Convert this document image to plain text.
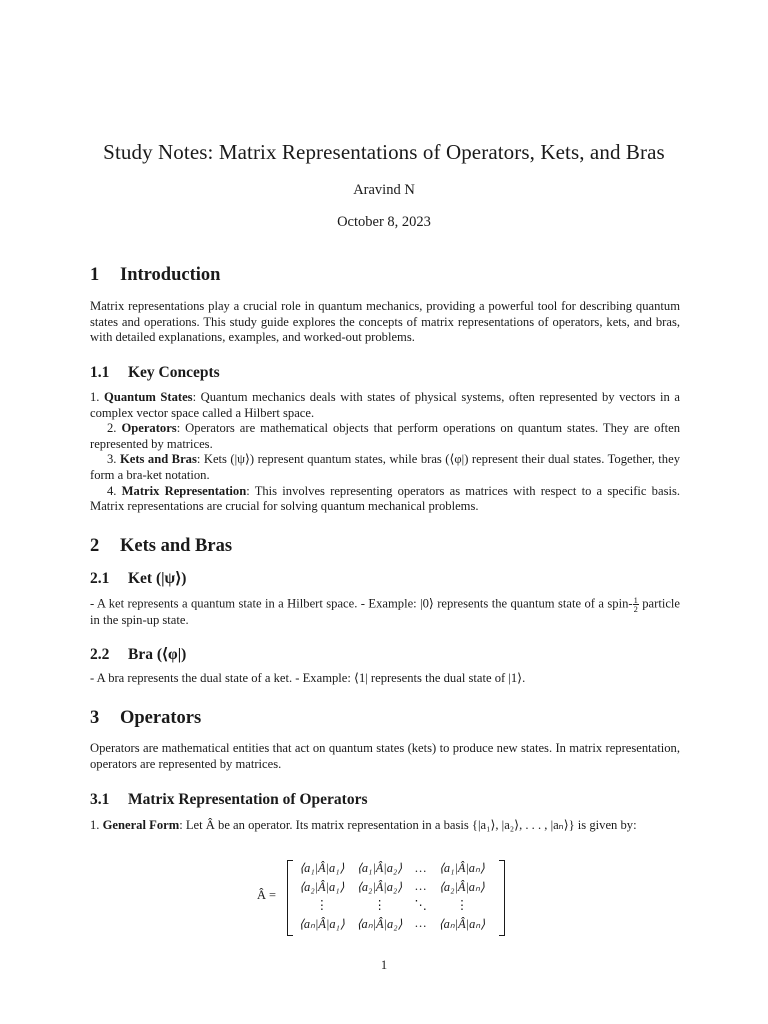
Study Notes: Matrix Representations of Operators, Kets, and Bras
Aravind N
October 8, 2023
1 Introduction
Matrix representations play a crucial role in quantum mechanics, providing a powerful tool for describing quantum states and operations. This study guide explores the concepts of matrix representations of operators, kets, and bras, with detailed explanations, examples, and worked-out problems.
1.1 Key Concepts

1. Quantum States: Quantum mechanics deals with states of physical systems, often represented by vectors in a complex vector space called a Hilbert space.

2. Operators: Operators are mathematical objects that perform operations on quantum states. They are often represented by matrices.

3. Kets and Bras: Kets (|ψ⟩) represent quantum states, while bras (⟨φ|) represent their dual states. Together, they form a bra-ket notation.

4. Matrix Representation: This involves representing operators as matrices with respect to a specific basis. Matrix representations are crucial for solving quantum mechanical problems.

2 Kets and Bras
2.1 Ket (|ψ⟩)
- A ket represents a quantum state in a Hilbert space. - Example: |0⟩ represents the quantum state of a spin- $\frac{1}{2}$ particle in the spin-up state.
2.2 Bra (⟨φ|)
- A bra represents the dual state of a ket. - Example: ⟨1| represents the dual state of |1⟩.
3 Operators
Operators are mathematical entities that act on quantum states (kets) to produce new states. In matrix representation, operators are represented by matrices.
3.1 Matrix Representation of Operators
1. General Form: Let Â be an operator. Its matrix representation in a basis {|a₁⟩, |a₂⟩, . . . , |aₙ⟩} is given by:
Â =
⟨a₁|Â|a₁⟩	⟨a₁|Â|a₂⟩	…	⟨a₁|Â|aₙ⟩
⟨a₂|Â|a₁⟩	⟨a₂|Â|a₂⟩	…	⟨a₂|Â|aₙ⟩
⋮	⋮	⋱	⋮
⟨aₙ|Â|a₁⟩	⟨aₙ|Â|a₂⟩	…	⟨aₙ|Â|aₙ⟩
1
